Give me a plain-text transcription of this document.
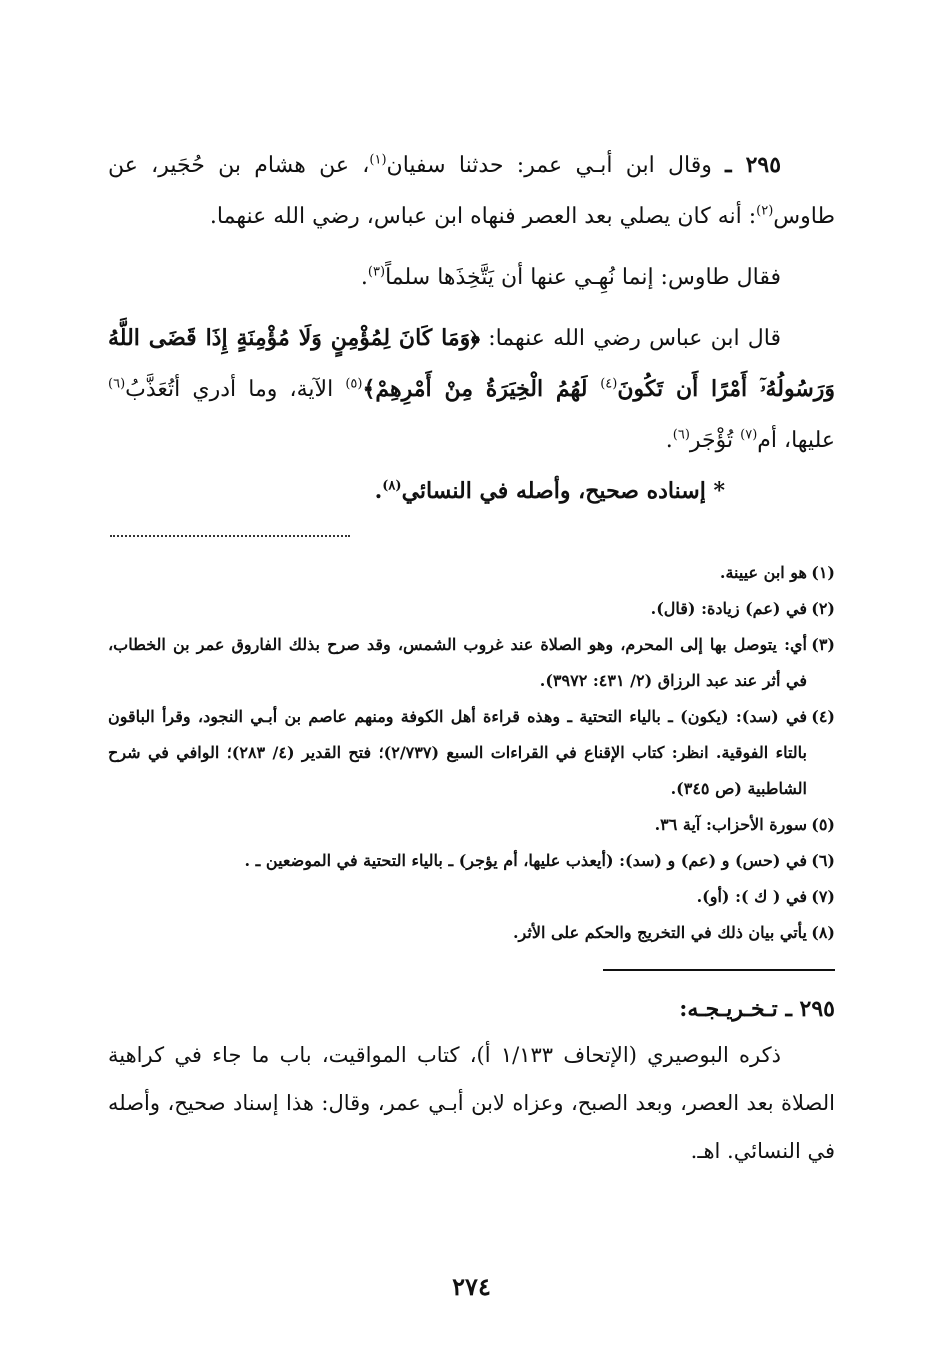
٢٩٥ ـ وقال ابن أبـي عمر: حدثنا سفيان$^{(١)}$، عن هشام بن حُجَير، عن طاوس$^{(٢)}$: أنه كان يصلي بعد العصر فنهاه ابن عباس، رضي الله عنهما.

فقال طاوس: إنما نُهِـي عنها أن يَتَّخِذَها سلماً$^{(٣)}$.

قال ابن عباس رضي الله عنهما: ﴿وَمَا كَانَ لِمُؤْمِنٍ وَلَا مُؤْمِنَةٍ إِذَا قَضَى اللَّهُ وَرَسُولُهُۥٓ أَمْرًا أَن تَكُونَ$^{(٤)}$ لَهُمُ الْخِيَرَةُ مِنْ أَمْرِهِمْ﴾$^{(٥)}$ الآية، وما أدري أتُعَذَّبُ$^{(٦)}$ عليها، أم$^{(٧)}$ تُؤْجَر$^{(٦)}$.

* إسناده صحيح، وأصله في النسائي$^{(٨)}$.

(١)
هو ابن عيينة.
(٢)
في (عم) زيادة: (قال).
(٣)
أي: يتوصل بها إلى المحرم، وهو الصلاة عند غروب الشمس، وقد صرح بذلك الفاروق عمر بن الخطاب، في أثر عند عبد الرزاق (٢/ ٤٣١: ٣٩٧٢).
(٤)
في (سد): (يكون) ـ بالياء التحتية ـ وهذه قراءة أهل الكوفة ومنهم عاصم بن أبـي النجود، وقرأ الباقون بالتاء الفوقية. انظر: كتاب الإقناع في القراءات السبع (٢/٧٣٧)؛ فتح القدير (٤/ ٢٨٣)؛ الوافي في شرح الشاطبية (ص ٣٤٥).
(٥)
سورة الأحزاب: آية ٣٦.
(٦)
في (حس) و (عم) و (سد): (أيعذب عليها، أم يؤجر) ـ بالياء التحتية في الموضعين ـ .
(٧)
في ( ك ): (أو).
(٨)
يأتي بيان ذلك في التخريج والحكم على الأثر.
٢٩٥ ـ تـخـريـجـه:

ذكره البوصيري (الإتحاف ١/١٣٣ أ)، كتاب المواقيت، باب ما جاء في كراهية الصلاة بعد العصر، وبعد الصبح، وعزاه لابن أبـي عمر، وقال: هذا إسناد صحيح، وأصله في النسائي. اهـ.

٢٧٤
